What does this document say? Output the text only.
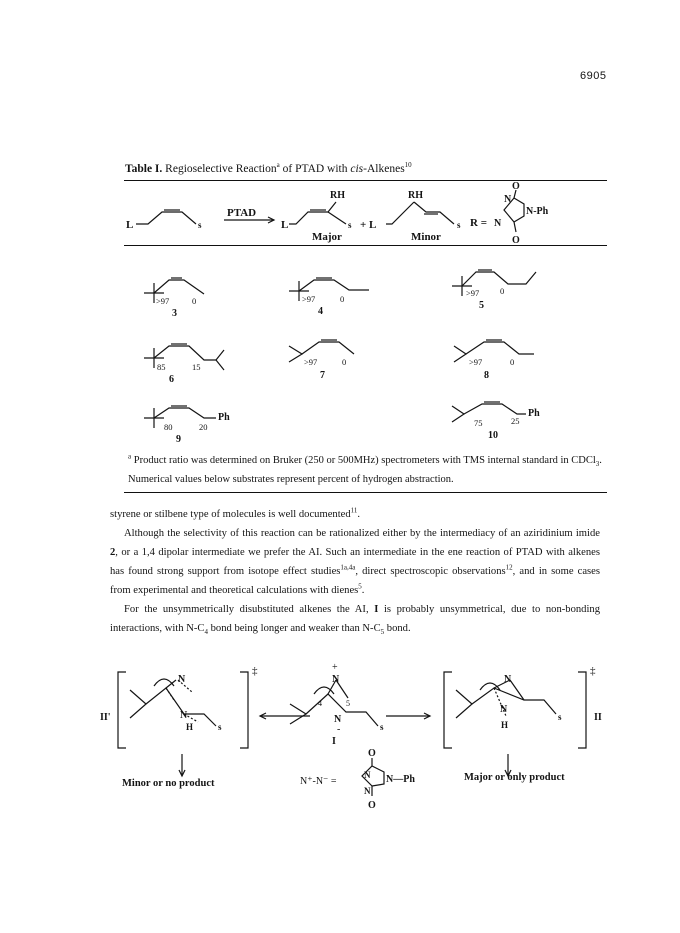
6905
Table I. Regioselective Reaction$^a$ of PTAD with cis-Alkenes$^{10}$
L	s
PTAD
L
RH
s + L
RH
s
Major	Minor
R =
N
N
N-Ph
O
O
>97	0
3
>97	0
4
>97 0
5
85	15
6
>97	0
7
>97	0
8
Ph
80	20
9
Ph
75	25
10
$^a$ Product ratio was determined on Bruker (250 or 500MHz) spectrometers with TMS internal standard in CDCl$_3$. Numerical values below substrates represent percent of hydrogen abstraction.
styrene or stilbene type of molecules is well documented$^{11}$.
Although the selectivity of this reaction can be rationalized either by the intermediacy of an aziridinium imide 2, or a 1,4 dipolar intermediate we prefer the AI. Such an intermediate in the ene reaction of PTAD with alkenes has found strong support from isotope effect studies$^{1a,4a}$, direct spectroscopic observations$^{12}$, and in some cases from experimental and theoretical calculations with dienes$^5$.
For the unsymmetrically disubstituted alkenes the AI, I is probably unsymmetrical, due to non-bonding interactions, with $N-C_4$ bond being longer and weaker than $N-C_5$ bond.
II'
‡
N
N
H	s
+
N
4	5
N
-	s
I
‡
N
N
H
s	II
Minor or no product
Major or only product
N⁺-N⁻ =
O
N
N
N—Ph
O
